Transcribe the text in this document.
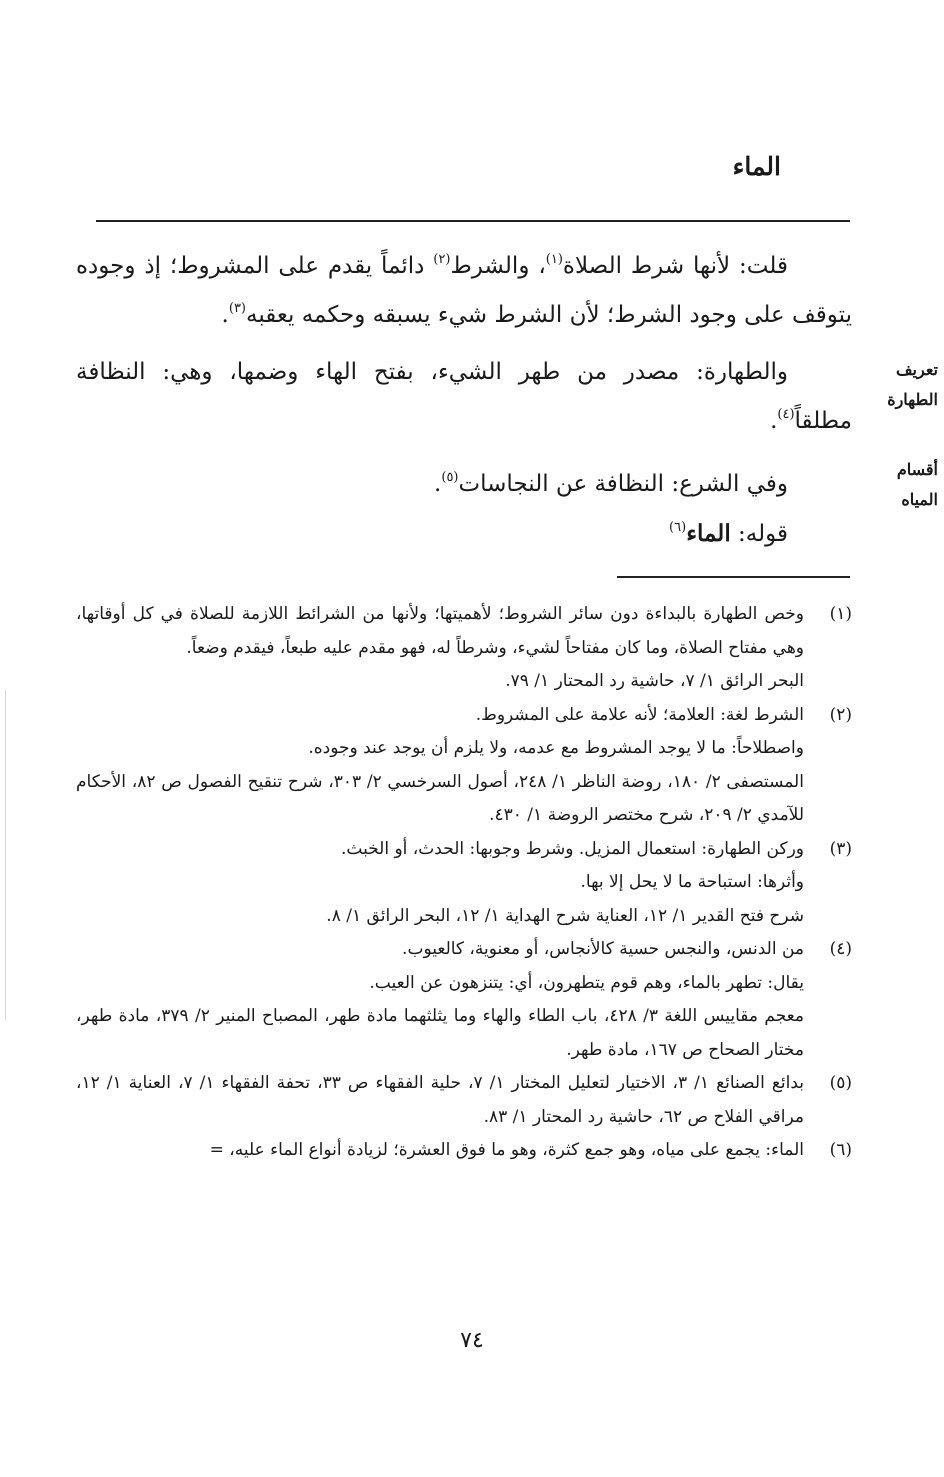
الماء

قلت: لأنها شرط الصلاة$^{(١)}$، والشرط$^{(٢)}$ دائماً يقدم على المشروط؛ إذ وجوده يتوقف على وجود الشرط؛ لأن الشرط شيء يسبقه وحكمه يعقبه$^{(٣)}$.

والطهارة: مصدر من طهر الشيء، بفتح الهاء وضمها، وهي: النظافة مطلقاً$^{(٤)}$.

وفي الشرع: النظافة عن النجاسات$^{(٥)}$.

قوله: الماء$^{(٦)}$

تعريف
الطهارة
أقسام
المياه
(١)

وخص الطهارة بالبداءة دون سائر الشروط؛ لأهميتها؛ ولأنها من الشرائط اللازمة للصلاة في كل أوقاتها، وهي مفتاح الصلاة، وما كان مفتاحاً لشيء، وشرطاً له، فهو مقدم عليه طبعاً، فيقدم وضعاً.

البحر الرائق ١/ ٧، حاشية رد المحتار ١/ ٧٩.

(٢)

الشرط لغة: العلامة؛ لأنه علامة على المشروط.

واصطلاحاً: ما لا يوجد المشروط مع عدمه، ولا يلزم أن يوجد عند وجوده.

المستصفى ٢/ ١٨٠، روضة الناظر ١/ ٢٤٨، أصول السرخسي ٢/ ٣٠٣، شرح تنقيح الفصول ص ٨٢، الأحكام للآمدي ٢/ ٢٠٩، شرح مختصر الروضة ١/ ٤٣٠.

(٣)

وركن الطهارة: استعمال المزيل. وشرط وجوبها: الحدث، أو الخبث.

وأثرها: استباحة ما لا يحل إلا بها.

شرح فتح القدير ١/ ١٢، العناية شرح الهداية ١/ ١٢، البحر الرائق ١/ ٨.

(٤)

من الدنس، والنجس حسية كالأنجاس، أو معنوية، كالعيوب.

يقال: تطهر بالماء، وهم قوم يتطهرون، أي: يتنزهون عن العيب.

معجم مقاييس اللغة ٣/ ٤٢٨، باب الطاء والهاء وما يثلثهما مادة طهر، المصباح المنير ٢/ ٣٧٩، مادة طهر، مختار الصحاح ص ١٦٧، مادة طهر.

(٥)

بدائع الصنائع ١/ ٣، الاختيار لتعليل المختار ١/ ٧، حلية الفقهاء ص ٣٣، تحفة الفقهاء ١/ ٧، العناية ١/ ١٢، مراقي الفلاح ص ٦٢، حاشية رد المحتار ١/ ٨٣.

(٦)

الماء: يجمع على مياه، وهو جمع كثرة، وهو ما فوق العشرة؛ لزيادة أنواع الماء عليه، =

٧٤
